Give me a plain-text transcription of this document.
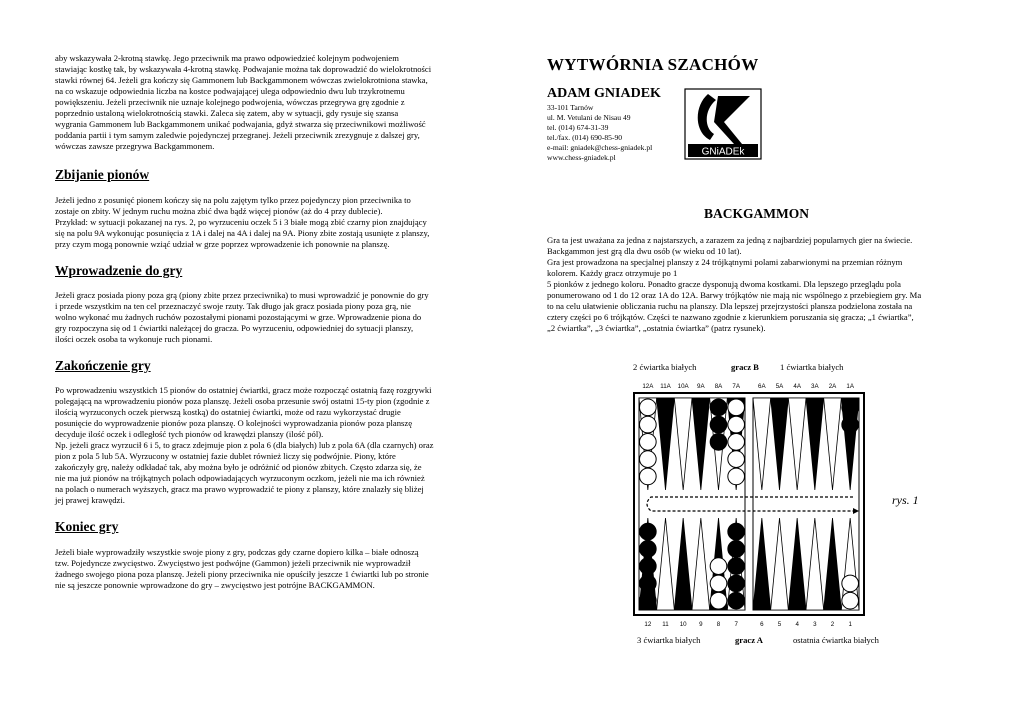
aby wskazywała 2-krotną stawkę. Jego przeciwnik ma prawo odpowiedzieć kolejnym podwojeniem
stawiając kostkę tak, by wskazywała 4-krotną stawkę. Podwajanie można tak doprowadzić do wielokrotności
stawki równej 64. Jeżeli gra kończy się Gammonem lub Backgammonem wówczas zwielokrotniona stawka,
na co wskazuje odpowiednia liczba na kostce podwajającej ulega odpowiednio dwu lub trzykrotnemu
powiększeniu. Jeżeli przeciwnik nie uznaje kolejnego podwojenia, wówczas przegrywa grę zgodnie z
poprzednio ustaloną wielokrotnością stawki. Zaleca się zatem, aby w sytuacji, gdy rysuje się szansa
wygrania Gammonem lub Backgammonem unikać podwajania, gdyż stwarza się przeciwnikowi możliwość
poddania partii i tym samym zaledwie pojedynczej przegranej. Jeżeli przeciwnik zrezygnuje z dalszej gry,
wówczas zawsze przegrywa Backgammonem.
Zbijanie pionów
Jeżeli jedno z posunięć pionem kończy się na polu zajętym tylko przez pojedynczy pion przeciwnika to
zostaje on zbity. W jednym ruchu można zbić dwa bądź więcej pionów (aż do 4 przy dublecie).
Przykład: w sytuacji pokazanej na rys. 2, po wyrzuceniu oczek 5 i 3 białe mogą zbić czarny pion znajdujący
się na polu 9A wykonując posunięcia z 1A i dalej na 4A i dalej na 9A. Piony zbite zostają usunięte z planszy,
przy czym mogą ponownie wziąć udział w grze poprzez wprowadzenie ich ponownie na planszę.
Wprowadzenie do gry
Jeżeli gracz posiada piony poza grą (piony zbite przez przeciwnika) to musi wprowadzić je ponownie do gry
i przede wszystkim na ten cel przeznaczyć swoje rzuty. Tak długo jak gracz posiada piony poza grą, nie
wolno wykonać mu żadnych ruchów pozostałymi pionami pozostającymi w grze. Wprowadzenie piona do
gry rozpoczyna się od 1 ćwiartki należącej do gracza. Po wyrzuceniu, odpowiedniej do sytuacji planszy,
ilości oczek osoba ta wykonuje ruch pionami.
Zakończenie gry
Po wprowadzeniu wszystkich 15 pionów do ostatniej ćwiartki, gracz może rozpocząć ostatnią fazę rozgrywki
polegającą na wprowadzeniu pionów poza planszę. Jeżeli osoba przesunie swój ostatni 15-ty pion (zgodnie z
ilością wyrzuconych oczek pierwszą kostką) do ostatniej ćwiartki, może od razu wykorzystać drugie
posunięcie do wyprowadzenie pionów poza planszę. O kolejności wyprowadzania pionów poza planszę
decyduje ilość oczek i odległość tych pionów od krawędzi planszy (ilość pól).
Np. jeżeli gracz wyrzucił 6 i 5, to gracz zdejmuje pion z pola 6 (dla białych) lub z pola 6A (dla czarnych) oraz
pion z pola 5 lub 5A. Wyrzucony w ostatniej fazie dublet również liczy się podwójnie. Piony, które
zakończyły grę, należy odkładać tak, aby można było je odróżnić od pionów zbitych. Często zdarza się, że
nie ma już pionów na trójkątnych polach odpowiadających wyrzuconym oczkom, jeżeli nie ma ich również
na polach o numerach wyższych, gracz ma prawo wyprowadzić te piony z planszy, które znalazły się bliżej
jej prawej krawędzi.
Koniec gry
Jeżeli białe wyprowadziły wszystkie swoje piony z gry, podczas gdy czarne dopiero kilka – białe odnoszą
tzw. Pojedyncze zwycięstwo. Zwycięstwo jest podwójne (Gammon) jeżeli przeciwnik nie wyprowadził
żadnego swojego piona poza planszę. Jeżeli piony przeciwnika nie opuściły jeszcze 1 ćwiartki lub po stronie
nie są jeszcze ponownie wprowadzone do gry – zwycięstwo jest potrójne BACKGAMMON.
WYTWÓRNIA SZACHÓW
ADAM GNIADEK
33-101 Tarnów
ul. M. Vetulani de Nisau 49
tel. (014) 674-31-39
tel./fax. (014) 690-85-90
e-mail: gniadek@chess-gniadek.pl
www.chess-gniadek.pl	GNiADEk
BACKGAMMON
Gra ta jest uważana za jedna z najstarszych, a zarazem za jedną z najbardziej popularnych gier na świecie.
Backgammon jest grą dla dwu osób (w wieku od 10 lat).
Gra jest prowadzona na specjalnej planszy z 24 trójkątnymi polami zabarwionymi na przemian różnym
kolorem. Każdy gracz otrzymuje po 1
5 pionków z jednego koloru. Ponadto gracze dysponują dwoma kostkami. Dla lepszego przeglądu pola
ponumerowano od 1 do 12 oraz 1A do 12A. Barwy trójkątów nie mają nic wspólnego z przebiegiem gry. Ma
to na celu ułatwienie obliczania ruchu na planszy. Dla lepszej przejrzystości plansza podzielona została na
cztery części po 6 trójkątów. Części te nazwano zgodnie z kierunkiem poruszania się gracza; „1 ćwiartka”,
„2 ćwiartka”, „3 ćwiartka”, „ostatnia ćwiartka” (patrz rysunek).
2 ćwiartka białych	gracz B 1 ćwiartka białych
12A 11A 10A 9A 8A 7A	6A 5A 4A 3A 2A 1A
12 11 10 9 8 7	6 5 4 3 2 1
rys. 1
3 ćwiartka białych	gracz A	ostatnia ćwiartka białych
